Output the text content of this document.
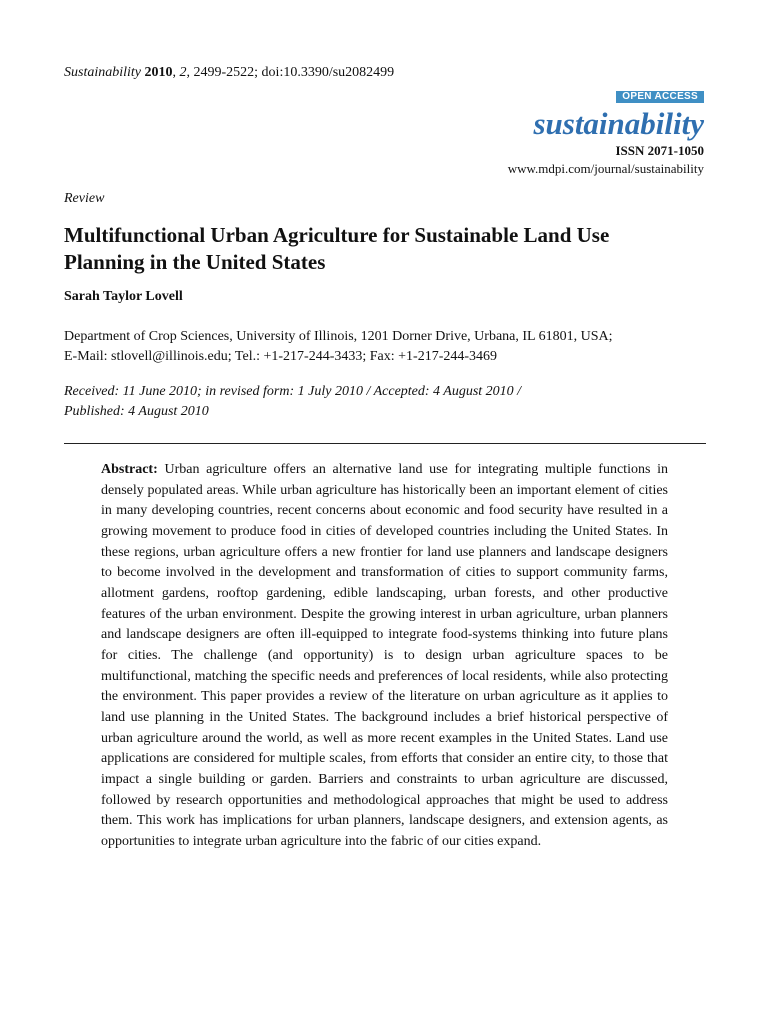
Sustainability 2010, 2, 2499-2522; doi:10.3390/su2082499
OPEN ACCESS
sustainability
ISSN 2071-1050
www.mdpi.com/journal/sustainability
Review
Multifunctional Urban Agriculture for Sustainable Land Use
Planning in the United States
Sarah Taylor Lovell
Department of Crop Sciences, University of Illinois, 1201 Dorner Drive, Urbana, IL 61801, USA;
E-Mail: stlovell@illinois.edu; Tel.: +1-217-244-3433; Fax: +1-217-244-3469
Received: 11 June 2010; in revised form: 1 July 2010 / Accepted: 4 August 2010 /
Published: 4 August 2010

Abstract: Urban agriculture offers an alternative land use for integrating multiple functions in densely populated areas. While urban agriculture has historically been an important element of cities in many developing countries, recent concerns about economic and food security have resulted in a growing movement to produce food in cities of developed countries including the United States. In these regions, urban agriculture offers a new frontier for land use planners and landscape designers to become involved in the development and transformation of cities to support community farms, allotment gardens, rooftop gardening, edible landscaping, urban forests, and other productive features of the urban environment. Despite the growing interest in urban agriculture, urban planners and landscape designers are often ill-equipped to integrate food-systems thinking into future plans for cities. The challenge (and opportunity) is to design urban agriculture spaces to be multifunctional, matching the specific needs and preferences of local residents, while also protecting the environment. This paper provides a review of the literature on urban agriculture as it applies to land use planning in the United States. The background includes a brief historical perspective of urban agriculture around the world, as well as more recent examples in the United States. Land use applications are considered for multiple scales, from efforts that consider an entire city, to those that impact a single building or garden. Barriers and constraints to urban agriculture are discussed, followed by research opportunities and methodological approaches that might be used to address them. This work has implications for urban planners, landscape designers, and extension agents, as opportunities to integrate urban agriculture into the fabric of our cities expand.
